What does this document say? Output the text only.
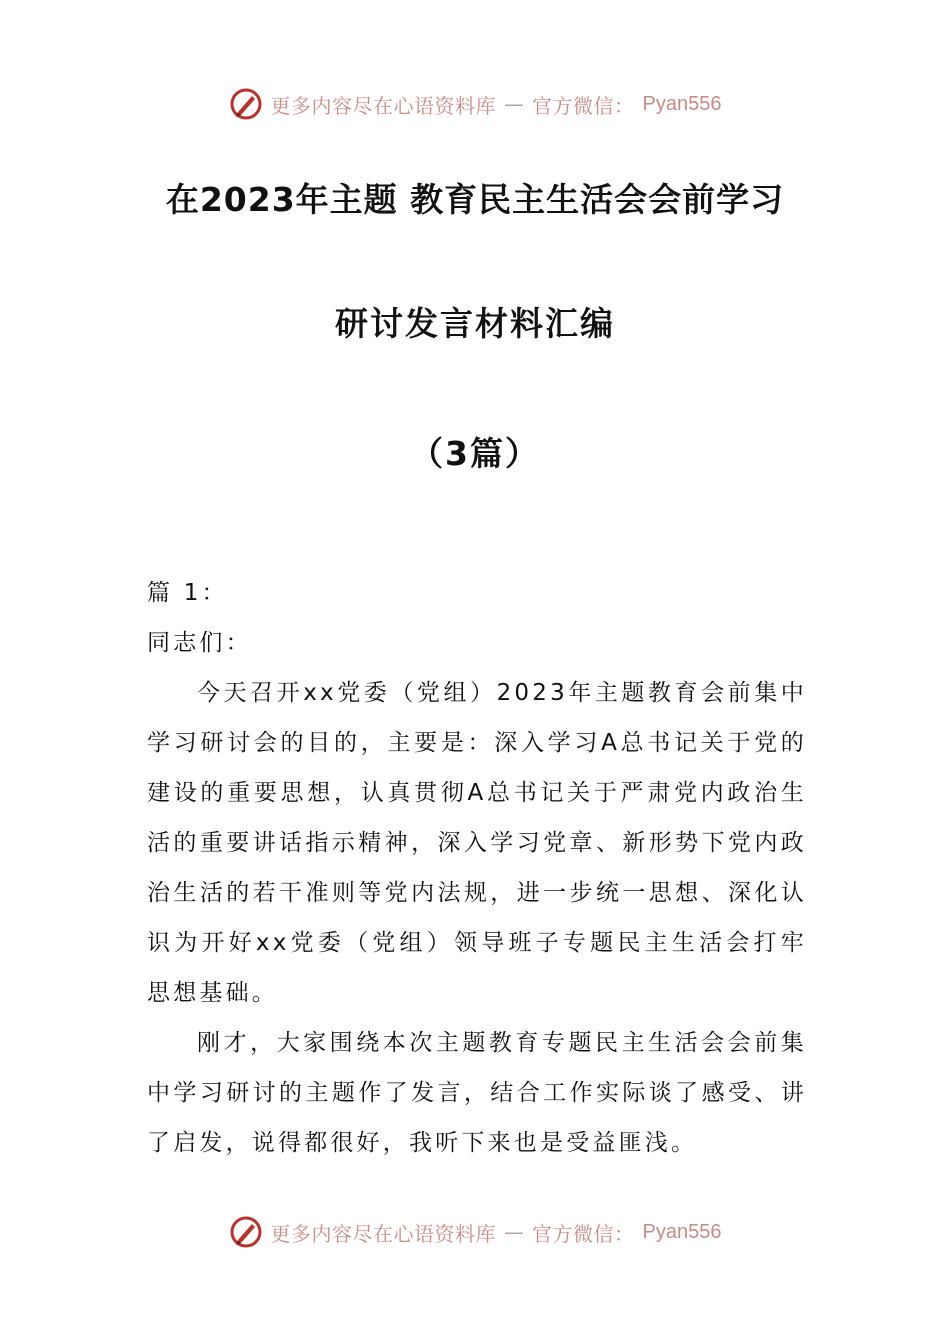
更多内容尽在心语资料库 — 官方微信： Pyan556
在2023年主题 教育民主生活会会前学习
研讨发言材料汇编
（3篇）

篇 1：

同志们：

今天召开xx党委（党组）2023年主题教育会前集中学习研讨会的目的，主要是：深入学习A总书记关于党的建设的重要思想，认真贯彻A总书记关于严肃党内政治生活的重要讲话指示精神，深入学习党章、新形势下党内政治生活的若干准则等党内法规，进一步统一思想、深化认识为开好xx党委（党组）领导班子专题民主生活会打牢思想基础。

刚才，大家围绕本次主题教育专题民主生活会会前集中学习研讨的主题作了发言，结合工作实际谈了感受、讲了启发，说得都很好，我听下来也是受益匪浅。

更多内容尽在心语资料库 — 官方微信： Pyan556
